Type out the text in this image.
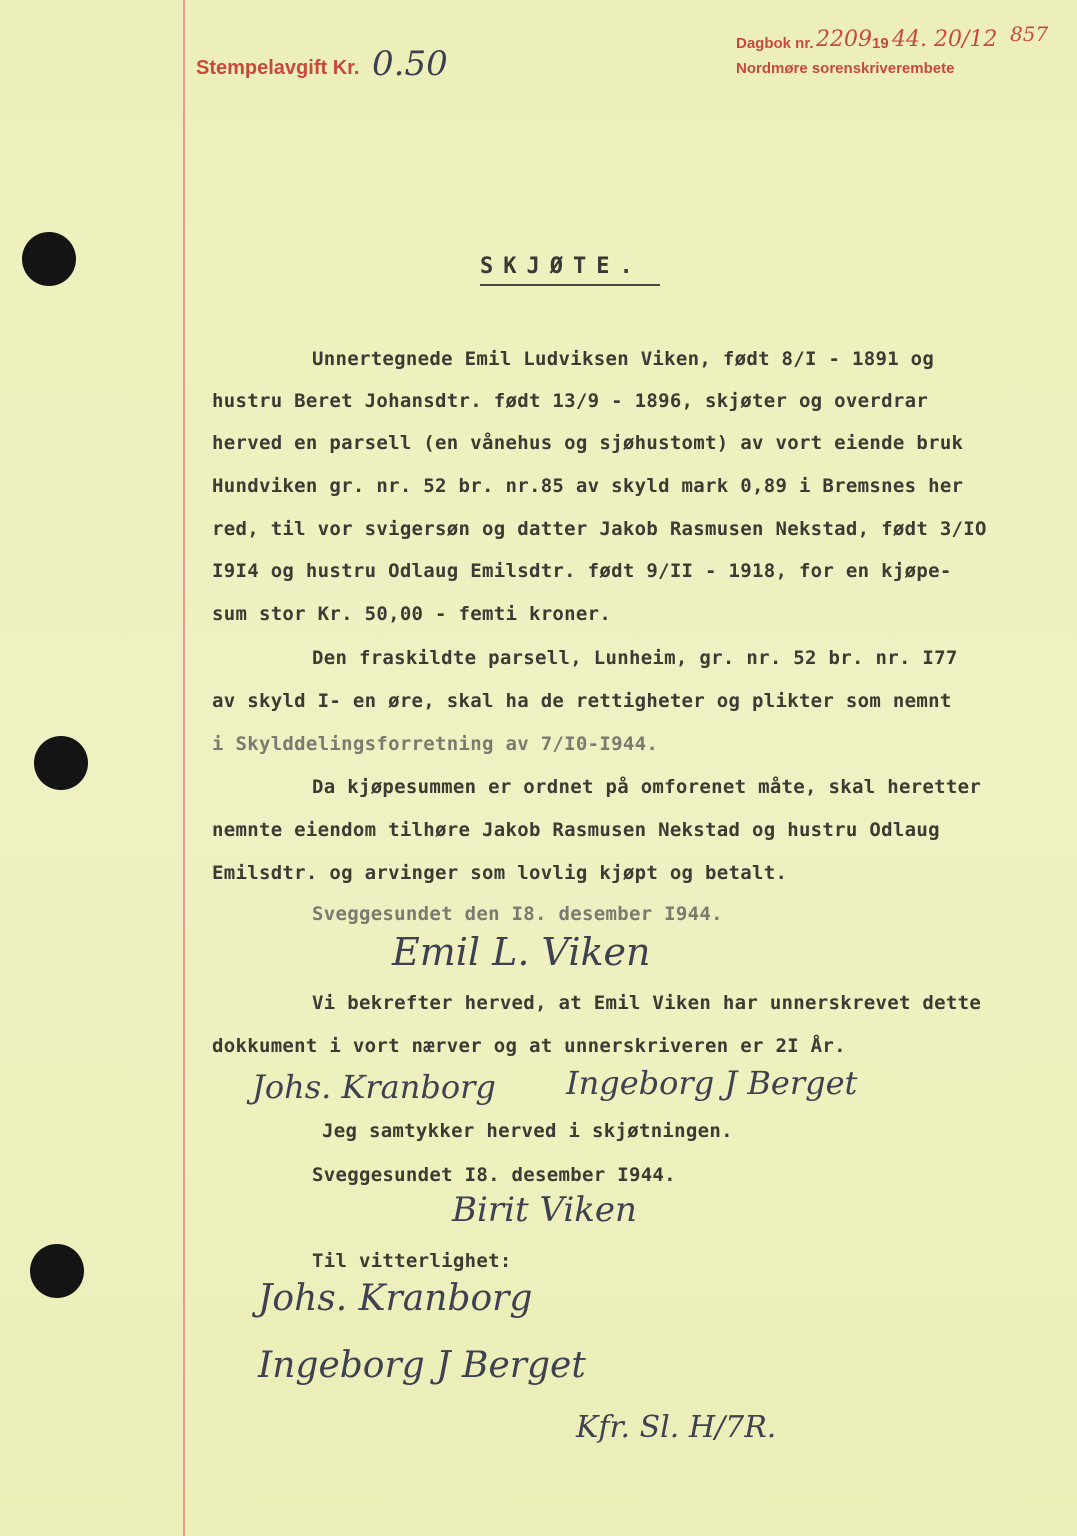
Stempelavgift Kr. 0.50
Dagbok nr. 2209 19 44. 20/12 857
Nordmøre sorenskriverembete
SKJØTE.
Unnertegnede Emil Ludviksen Viken, født 8/I - 1891 og
hustru Beret Johansdtr. født 13/9 - 1896, skjøter og overdrar
herved en parsell (en vånehus og sjøhustomt) av vort eiende bruk
Hundviken gr. nr. 52 br. nr.85 av skyld mark 0,89 i Bremsnes her
red, til vor svigersøn og datter Jakob Rasmusen Nekstad, født 3/IO
I9I4 og hustru Odlaug Emilsdtr. født 9/II - 1918, for en kjøpe-
sum stor Kr. 50,00 - femti kroner.
Den fraskildte parsell, Lunheim, gr. nr. 52 br. nr. I77
av skyld I- en øre, skal ha de rettigheter og plikter som nemnt
i Skylddelingsforretning av 7/I0-I944.
Da kjøpesummen er ordnet på omforenet måte, skal heretter
nemnte eiendom tilhøre Jakob Rasmusen Nekstad og hustru Odlaug
Emilsdtr. og arvinger som lovlig kjøpt og betalt.
Sveggesundet den I8. desember I944.
Emil L. Viken
Vi bekrefter herved, at Emil Viken har unnerskrevet dette
dokkument i vort nærver og at unnerskriveren er 2I År.
Johs. Kranborg Ingeborg J Berget
Jeg samtykker herved i skjøtningen.
Sveggesundet I8. desember I944.
Birit Viken
Til vitterlighet:
Johs. Kranborg
Ingeborg J Berget
Kfr. Sl. H/7R.
